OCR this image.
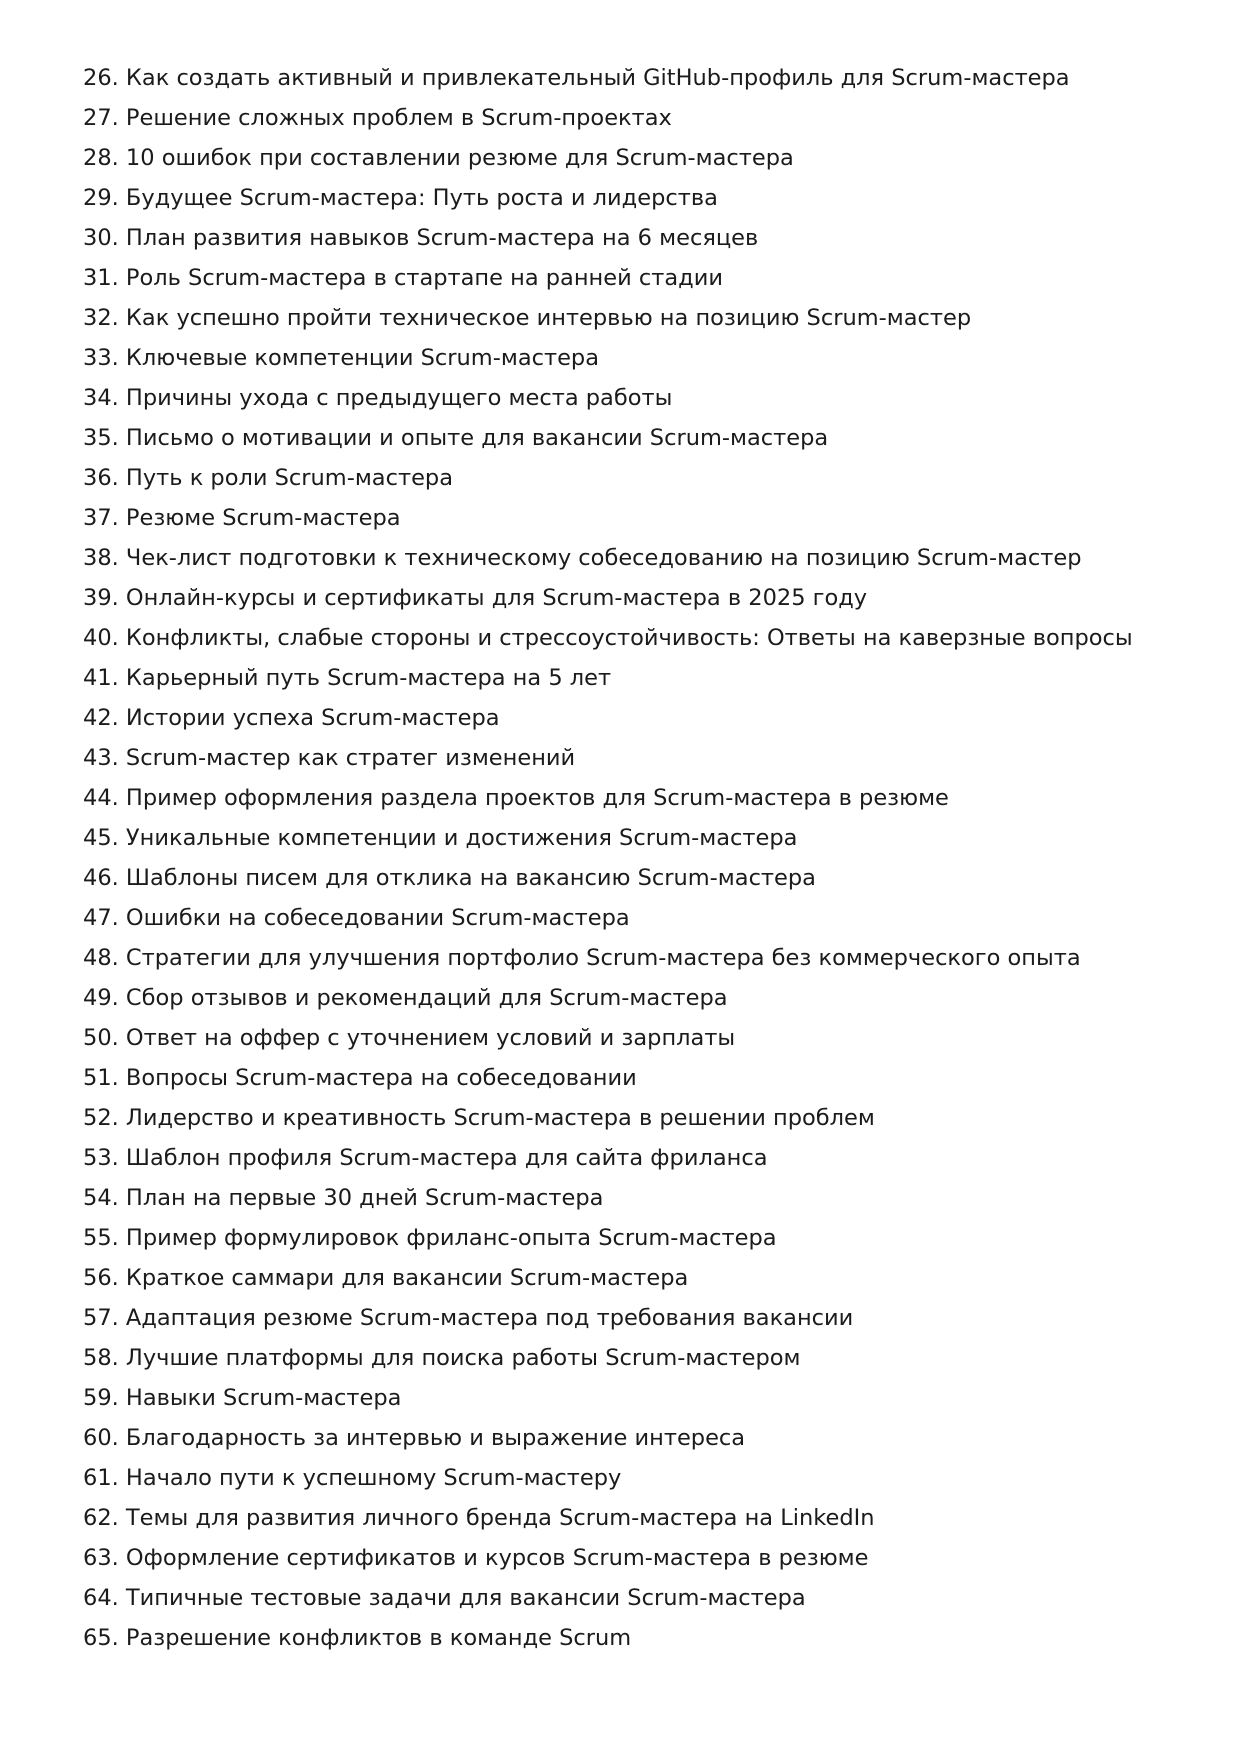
26. Как создать активный и привлекательный GitHub-профиль для Scrum-мастера
27. Решение сложных проблем в Scrum-проектах
28. 10 ошибок при составлении резюме для Scrum-мастера
29. Будущее Scrum-мастера: Путь роста и лидерства
30. План развития навыков Scrum-мастера на 6 месяцев
31. Роль Scrum-мастера в стартапе на ранней стадии
32. Как успешно пройти техническое интервью на позицию Scrum-мастер
33. Ключевые компетенции Scrum-мастера
34. Причины ухода с предыдущего места работы
35. Письмо о мотивации и опыте для вакансии Scrum-мастера
36. Путь к роли Scrum-мастера
37. Резюме Scrum-мастера
38. Чек-лист подготовки к техническому собеседованию на позицию Scrum-мастер
39. Онлайн-курсы и сертификаты для Scrum-мастера в 2025 году
40. Конфликты, слабые стороны и стрессоустойчивость: Ответы на каверзные вопросы
41. Карьерный путь Scrum-мастера на 5 лет
42. Истории успеха Scrum-мастера
43. Scrum-мастер как стратег изменений
44. Пример оформления раздела проектов для Scrum-мастера в резюме
45. Уникальные компетенции и достижения Scrum-мастера
46. Шаблоны писем для отклика на вакансию Scrum-мастера
47. Ошибки на собеседовании Scrum-мастера
48. Стратегии для улучшения портфолио Scrum-мастера без коммерческого опыта
49. Сбор отзывов и рекомендаций для Scrum-мастера
50. Ответ на оффер с уточнением условий и зарплаты
51. Вопросы Scrum-мастера на собеседовании
52. Лидерство и креативность Scrum-мастера в решении проблем
53. Шаблон профиля Scrum-мастера для сайта фриланса
54. План на первые 30 дней Scrum-мастера
55. Пример формулировок фриланс-опыта Scrum-мастера
56. Краткое саммари для вакансии Scrum-мастера
57. Адаптация резюме Scrum-мастера под требования вакансии
58. Лучшие платформы для поиска работы Scrum-мастером
59. Навыки Scrum-мастера
60. Благодарность за интервью и выражение интереса
61. Начало пути к успешному Scrum-мастеру
62. Темы для развития личного бренда Scrum-мастера на LinkedIn
63. Оформление сертификатов и курсов Scrum-мастера в резюме
64. Типичные тестовые задачи для вакансии Scrum-мастера
65. Разрешение конфликтов в команде Scrum
